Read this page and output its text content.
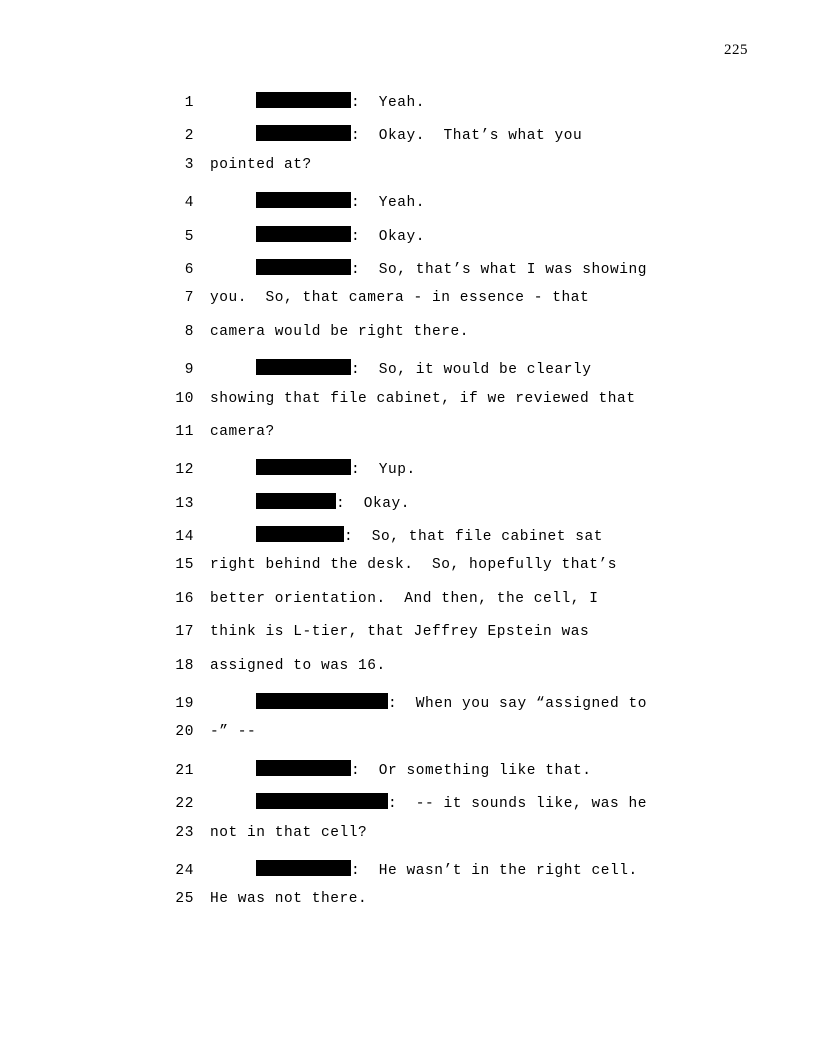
225
1	:  Yeah.
2	:  Okay.  That’s what you
3 pointed at?
4	:  Yeah.
5	:  Okay.
6	:  So, that’s what I was showing
7 you.  So, that camera - in essence - that
8 camera would be right there.
9	:  So, it would be clearly
10 showing that file cabinet, if we reviewed that
11 camera?
12	:  Yup.
13	:  Okay.
14	:  So, that file cabinet sat
15 right behind the desk.  So, hopefully that’s
16 better orientation.  And then, the cell, I
17 think is L-tier, that Jeffrey Epstein was
18 assigned to was 16.
19	:  When you say “assigned to
20 -” --
21	:  Or something like that.
22	:  -- it sounds like, was he
23 not in that cell?
24	:  He wasn’t in the right cell.
25 He was not there.
